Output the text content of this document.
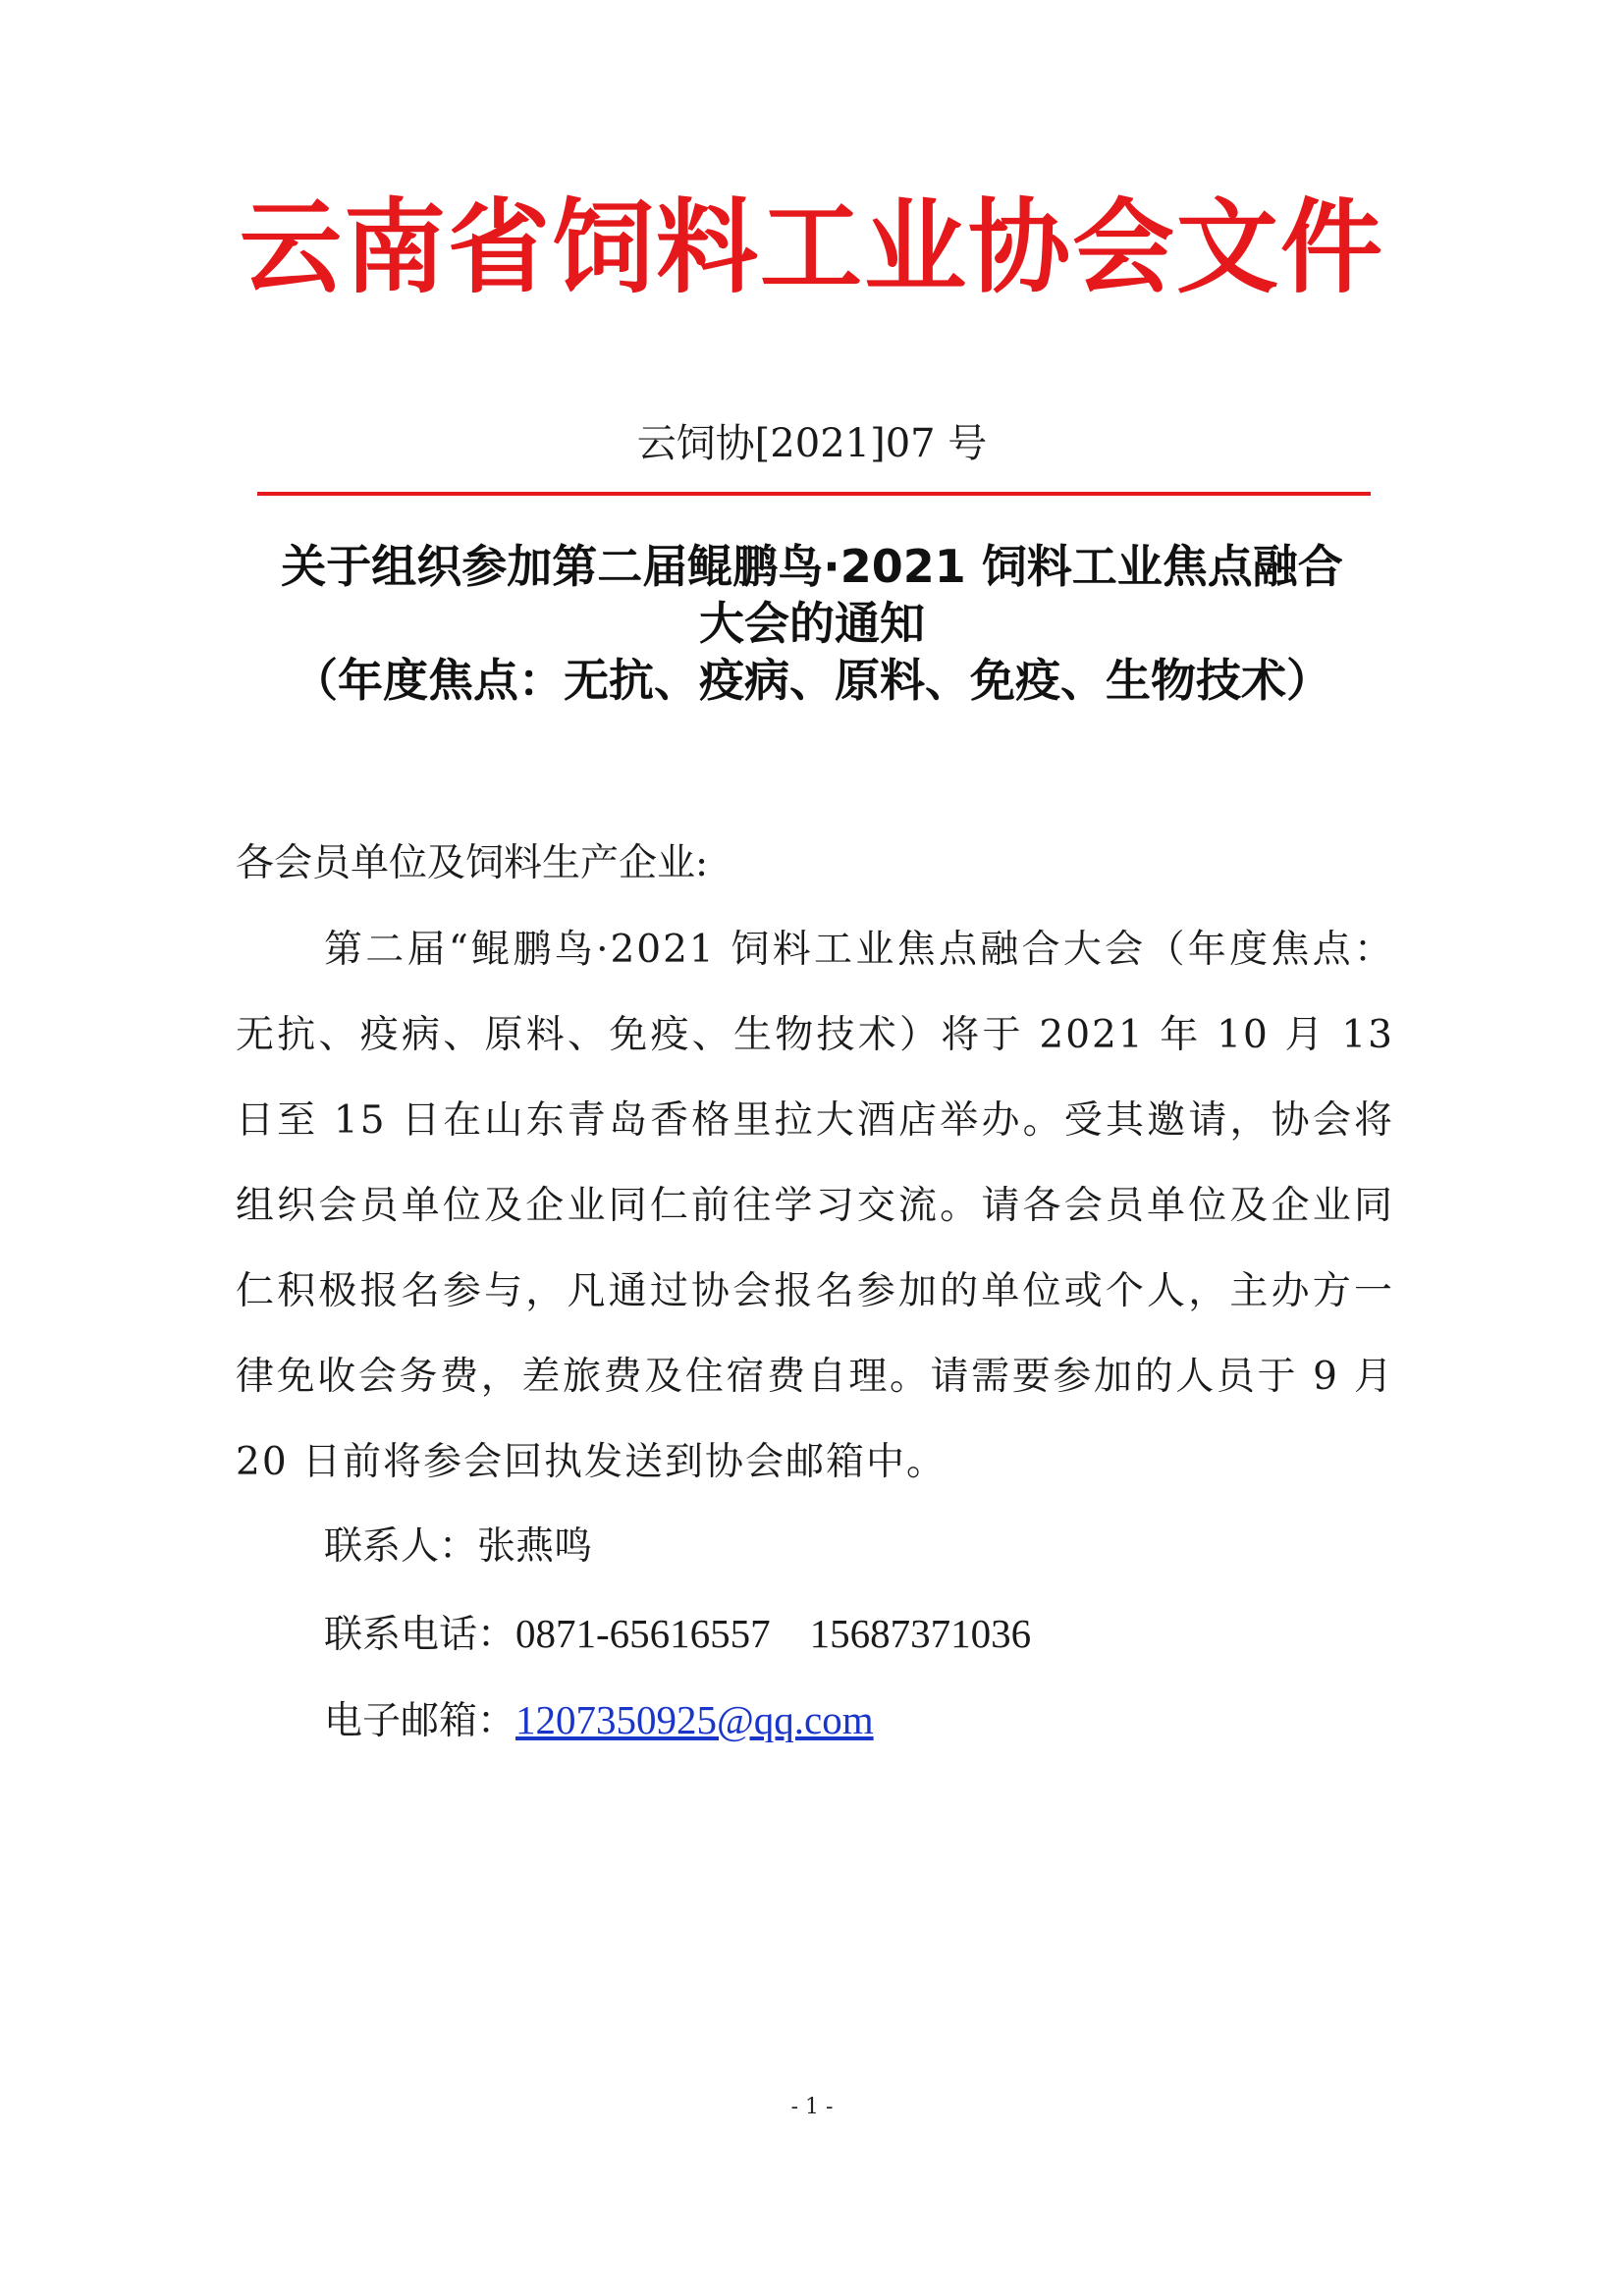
云南省饲料工业协会文件
云饲协[2021]07 号
关于组织参加第二届鲲鹏鸟·2021 饲料工业焦点融合
大会的通知
（年度焦点：无抗、疫病、原料、免疫、生物技术）
各会员单位及饲料生产企业:
第二届“鲲鹏鸟·2021 饲料工业焦点融合大会（年度焦点：无抗、疫病、原料、免疫、生物技术）将于 2021 年 10 月 13 日至 15 日在山东青岛香格里拉大酒店举办。受其邀请，协会将组织会员单位及企业同仁前往学习交流。请各会员单位及企业同仁积极报名参与，凡通过协会报名参加的单位或个人，主办方一律免收会务费，差旅费及住宿费自理。请需要参加的人员于 9 月 20 日前将参会回执发送到协会邮箱中。
联系人：张燕鸣
联系电话：0871-65616557 15687371036
电子邮箱：1207350925@qq.com
- 1 -
